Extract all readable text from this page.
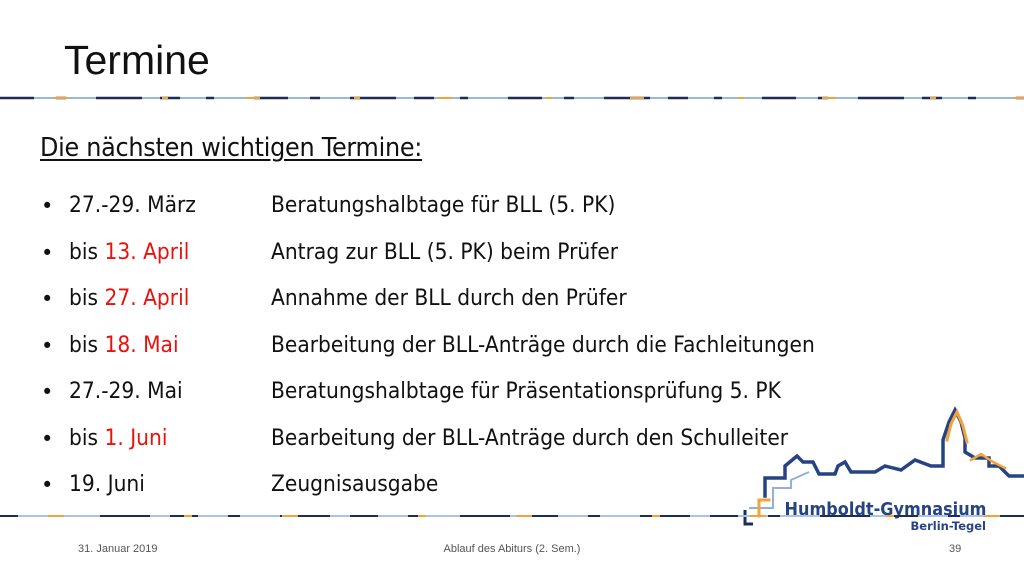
Termine
Die nächsten wichtigen Termine:
• 27.-29. März	Beratungshalbtage für BLL (5. PK)
• bis 13. April	Antrag zur BLL (5. PK) beim Prüfer
• bis 27. April	Annahme der BLL durch den Prüfer
• bis 18. Mai	Bearbeitung der BLL-Anträge durch die Fachleitungen
• 27.-29. Mai	Beratungshalbtage für Präsentationsprüfung 5. PK
• bis 1. Juni	Bearbeitung der BLL-Anträge durch den Schulleiter
• 19. Juni	Zeugnisausgabe
Humboldt-Gymnasium
Berlin-Tegel
31. Januar 2019	Ablauf des Abiturs (2. Sem.)	39
